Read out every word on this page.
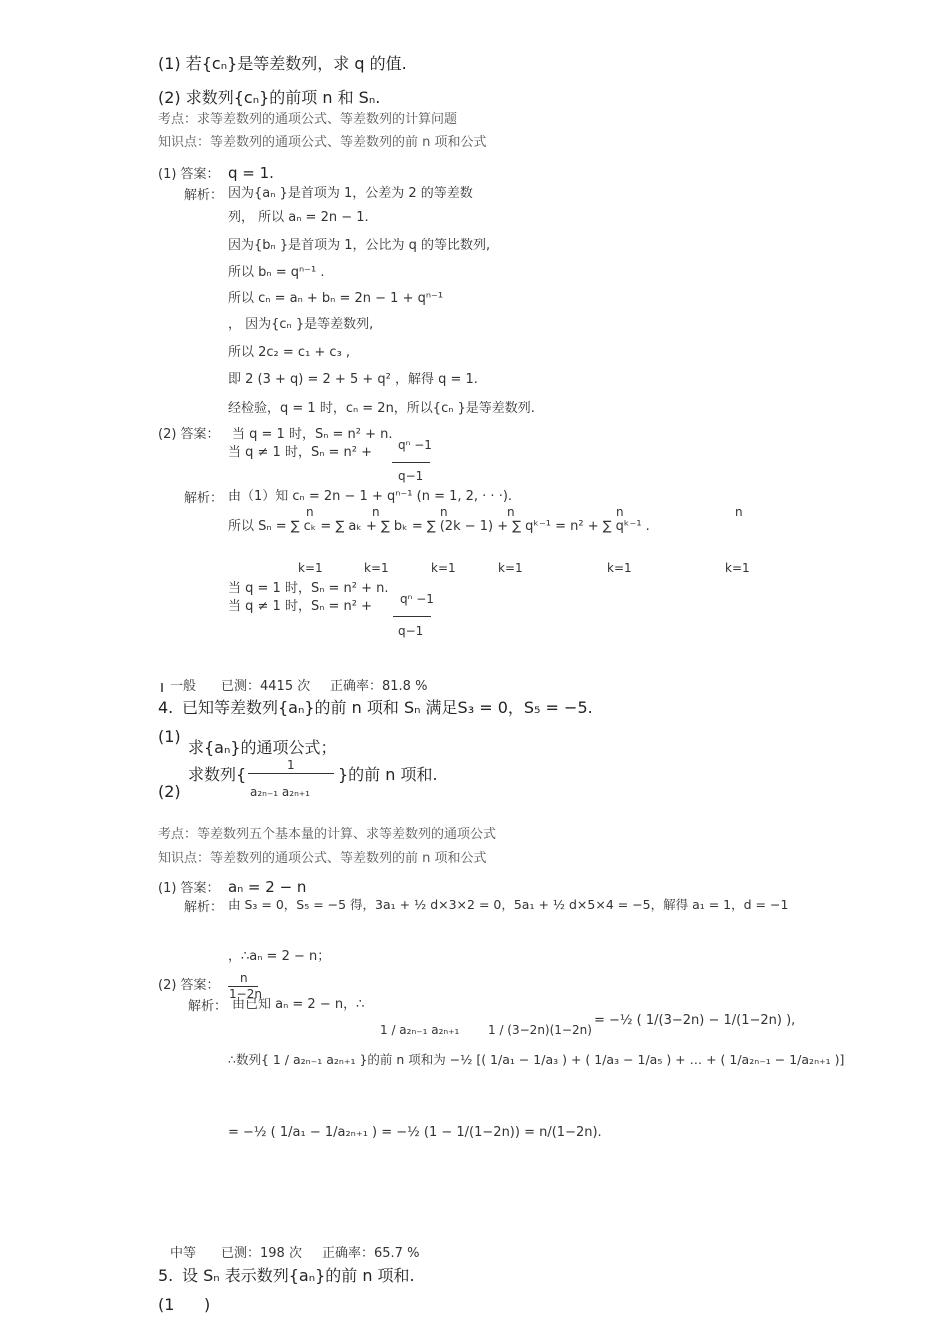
(1) 若{cₙ}是等差数列，求 q 的值.
(2) 求数列{cₙ}的前项 n 和 Sₙ.
考点：求等差数列的通项公式、等差数列的计算问题
知识点：等差数列的通项公式、等差数列的前 n 项和公式
(1) 答案： q = 1.
解析： 因为{aₙ }是首项为 1，公差为 2 的等差数
列， 所以 aₙ = 2n − 1.
因为{bₙ }是首项为 1，公比为 q 的等比数列,
所以 bₙ = qⁿ⁻¹ .
所以 cₙ = aₙ + bₙ = 2n − 1 + qⁿ⁻¹
， 因为{cₙ }是等差数列,
所以 2c₂ = c₁ + c₃ ,
即 2 (3 + q) = 2 + 5 + q² ，解得 q = 1.
经检验，q = 1 时，cₙ = 2n，所以{cₙ }是等差数列.
(2) 答案： 当 q = 1 时，Sₙ = n² + n.
当 q ≠ 1 时，Sₙ = n² + qⁿ −1
q−1
解析： 由（1）知 cₙ = 2n − 1 + qⁿ⁻¹ (n = 1, 2, · · ·).
所以 Sₙ = ∑ cₖ = ∑ aₖ + ∑ bₖ = ∑ (2k − 1) + ∑ qᵏ⁻¹ = n² + ∑ qᵏ⁻¹ .
n
k=1
n
k=1
n
k=1
n
k=1
n
k=1
n
k=1
当 q = 1 时，Sₙ = n² + n.
当 q ≠ 1 时，Sₙ = n² + qⁿ −1
q−1
一般 已测：4415 次 正确率：81.8 %
4. 已知等差数列{aₙ}的前 n 项和 Sₙ 满足S₃ = 0，S₅ = −5.
(1)
求{aₙ}的通项公式；
(2)
求数列{	1
a₂ₙ₋₁ a₂ₙ₊₁
}的前 n 项和.
考点：等差数列五个基本量的计算、求等差数列的通项公式
知识点：等差数列的通项公式、等差数列的前 n 项和公式
(1) 答案： aₙ = 2 − n
解析： 由 S₃ = 0，S₅ = −5 得，3a₁ + ½ d×3×2 = 0，5a₁ + ½ d×5×4 = −5，解得 a₁ = 1，d = −1
，∴aₙ = 2 − n；
(2) 答案： n
1−2n
解析： 由已知 aₙ = 2 − n，∴
1 / a₂ₙ₋₁ a₂ₙ₊₁ 1 / (3−2n)(1−2n)
= −½ ( 1/(3−2n) − 1/(1−2n) ),
∴数列{ 1 / a₂ₙ₋₁ a₂ₙ₊₁ }的前 n 项和为 −½ [( 1/a₁ − 1/a₃ ) + ( 1/a₃ − 1/a₅ ) + … + ( 1/a₂ₙ₋₁ − 1/a₂ₙ₊₁ )]
= −½ ( 1/a₁ − 1/a₂ₙ₊₁ ) = −½ (1 − 1/(1−2n)) = n/(1−2n).
中等 已测：198 次 正确率：65.7 %
5. 设 Sₙ 表示数列{aₙ}的前 n 项和.
(1 )
